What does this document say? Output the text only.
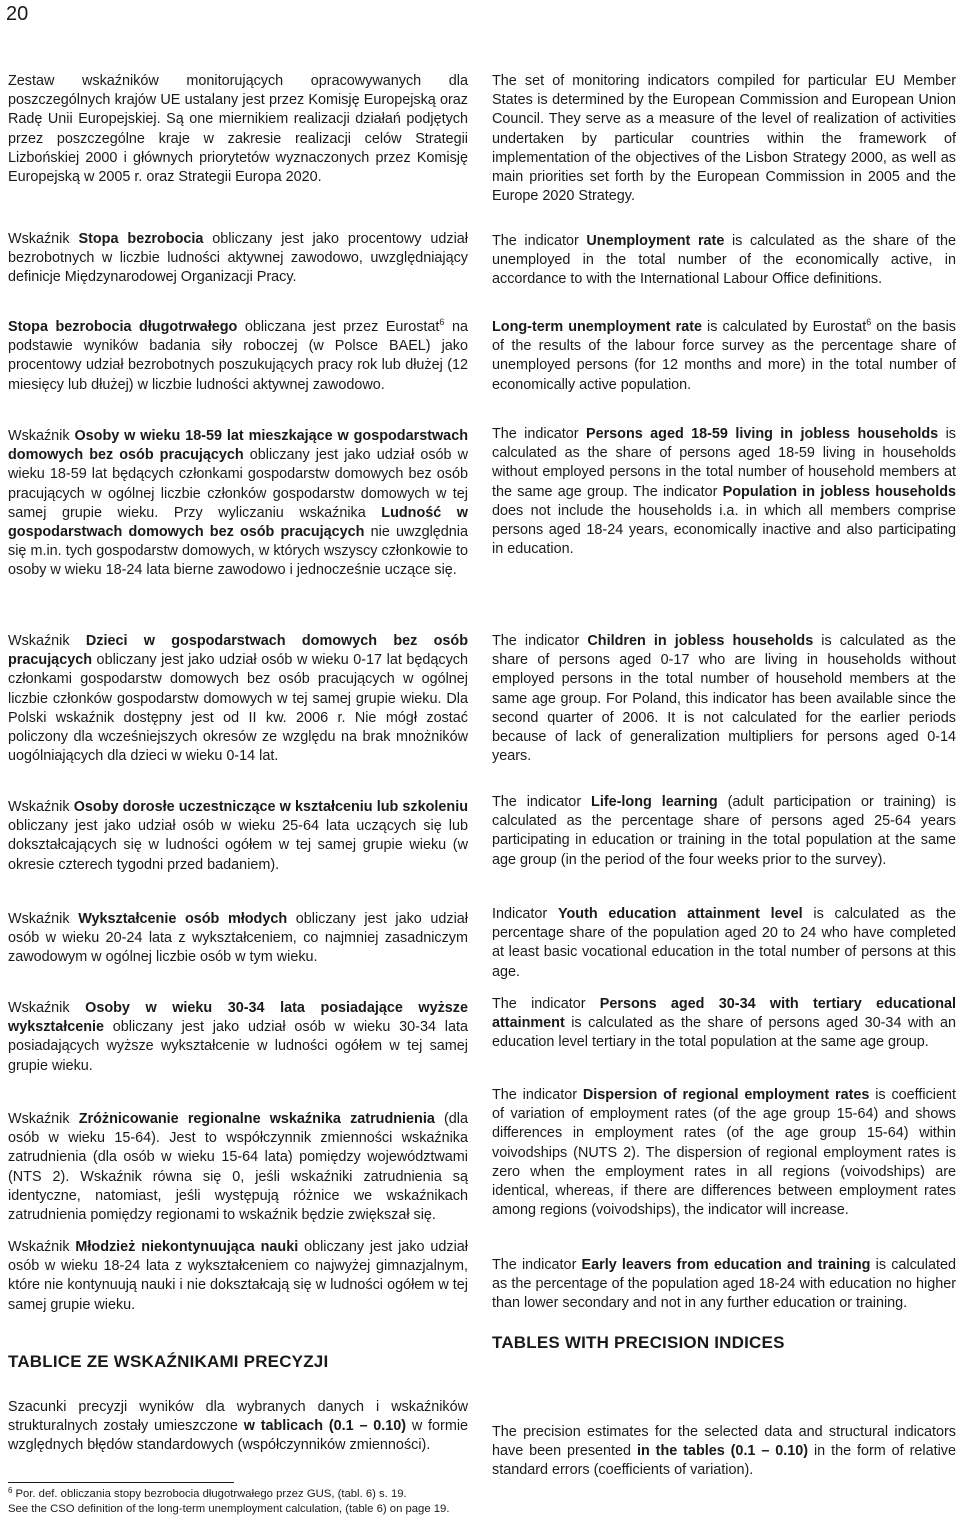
20

Zestaw wskaźników monitorujących opracowywanych dla poszczególnych krajów UE ustalany jest przez Komisję Europejską oraz Radę Unii Europejskiej. Są one miernikiem realizacji działań podjętych przez poszczególne kraje w zakresie realizacji celów Strategii Lizbońskiej 2000 i głównych priorytetów wyznaczonych przez Komisję Europejską w 2005 r. oraz Strategii Europa 2020.

Wskaźnik Stopa bezrobocia obliczany jest jako procentowy udział bezrobotnych w liczbie ludności aktywnej zawodowo, uwzględniający definicje Międzynarodowej Organizacji Pracy.

Stopa bezrobocia długotrwałego obliczana jest przez Eurostat$^6$ na podstawie wyników badania siły roboczej (w Polsce BAEL) jako procentowy udział bezrobotnych poszukujących pracy rok lub dłużej (12 miesięcy lub dłużej) w liczbie ludności aktywnej zawodowo.

Wskaźnik Osoby w wieku 18-59 lat mieszkające w gospodarstwach domowych bez osób pracujących obliczany jest jako udział osób w wieku 18-59 lat będących członkami gospodarstw domowych bez osób pracujących w ogólnej liczbie członków gospodarstw domowych w tej samej grupie wieku. Przy wyliczaniu wskaźnika Ludność w gospodarstwach domowych bez osób pracujących nie uwzględnia się m.in. tych gospodarstw domowych, w których wszyscy członkowie to osoby w wieku 18-24 lata bierne zawodowo i jednocześnie uczące się.

Wskaźnik Dzieci w gospodarstwach domowych bez osób pracujących obliczany jest jako udział osób w wieku 0-17 lat będących członkami gospodarstw domowych bez osób pracujących w ogólnej liczbie członków gospodarstw domowych w tej samej grupie wieku. Dla Polski wskaźnik dostępny jest od II kw. 2006 r. Nie mógł zostać policzony dla wcześniejszych okresów ze względu na brak mnożników uogólniających dla dzieci w wieku 0-14 lat.

Wskaźnik Osoby dorosłe uczestniczące w kształceniu lub szkoleniu obliczany jest jako udział osób w wieku 25-64 lata uczących się lub dokształcających się w ludności ogółem w tej samej grupie wieku (w okresie czterech tygodni przed badaniem).

Wskaźnik Wykształcenie osób młodych obliczany jest jako udział osób w wieku 20-24 lata z wykształceniem, co najmniej zasadniczym zawodowym w ogólnej liczbie osób w tym wieku.

Wskaźnik Osoby w wieku 30-34 lata posiadające wyższe wykształcenie obliczany jest jako udział osób w wieku 30-34 lata posiadających wyższe wykształcenie w ludności ogółem w tej samej grupie wieku.

Wskaźnik Zróżnicowanie regionalne wskaźnika zatrudnienia (dla osób w wieku 15-64). Jest to współczynnik zmienności wskaźnika zatrudnienia (dla osób w wieku 15-64 lata) pomiędzy województwami (NTS 2). Wskaźnik równa się 0, jeśli wskaźniki zatrudnienia są identyczne, natomiast, jeśli występują różnice we wskaźnikach zatrudnienia pomiędzy regionami to wskaźnik będzie zwiększał się.

Wskaźnik Młodzież niekontynuująca nauki obliczany jest jako udział osób w wieku 18-24 lata z wykształceniem co najwyżej gimnazjalnym, które nie kontynuują nauki i nie dokształcają się w ludności ogółem w tej samej grupie wieku.

TABLICE ZE WSKAŹNIKAMI PRECYZJI

Szacunki precyzji wyników dla wybranych danych i wskaźników strukturalnych zostały umieszczone w tablicach (0.1 – 0.10) w formie względnych błędów standardowych (współczynników zmienności).

The set of monitoring indicators compiled for particular EU Member States is determined by the European Commission and European Union Council. They serve as a measure of the level of realization of activities undertaken by particular countries within the framework of implementation of the objectives of the Lisbon Strategy 2000, as well as main priorities set forth by the European Commission in 2005 and the Europe 2020 Strategy.

The indicator Unemployment rate is calculated as the share of the unemployed in the total number of the economically active, in accordance to with the International Labour Office definitions.

Long-term unemployment rate is calculated by Eurostat$^6$ on the basis of the results of the labour force survey as the percentage share of unemployed persons (for 12 months and more) in the total number of economically active population.

The indicator Persons aged 18-59 living in jobless households is calculated as the share of persons aged 18-59 living in households without employed persons in the total number of household members at the same age group. The indicator Population in jobless households does not include the households i.a. in which all members comprise persons aged 18-24 years, economically inactive and also participating in education.

The indicator Children in jobless households is calculated as the share of persons aged 0-17 who are living in households without employed persons in the total number of household members at the same age group. For Poland, this indicator has been available since the second quarter of 2006. It is not calculated for the earlier periods because of lack of generalization multipliers for persons aged 0-14 years.

The indicator Life-long learning (adult participation or training) is calculated as the percentage share of persons aged 25-64 years participating in education or training in the total population at the same age group (in the period of the four weeks prior to the survey).

Indicator Youth education attainment level is calculated as the percentage share of the population aged 20 to 24 who have completed at least basic vocational education in the total number of persons at this age.

The indicator Persons aged 30-34 with tertiary educational attainment is calculated as the share of persons aged 30-34 with an education level tertiary in the total population at the same age group.

The indicator Dispersion of regional employment rates is coefficient of variation of employment rates (of the age group 15-64) and shows differences in employment rates (of the age group 15-64) within voivodships (NUTS 2). The dispersion of regional employment rates is zero when the employment rates in all regions (voivodships) are identical, whereas, if there are differences between employment rates among regions (voivodships), the indicator will increase.

The indicator Early leavers from education and training is calculated as the percentage of the population aged 18-24 with education no higher than lower secondary and not in any further education or training.

TABLES WITH PRECISION INDICES

The precision estimates for the selected data and structural indicators have been presented in the tables (0.1 – 0.10) in the form of relative standard errors (coefficients of variation).

$^6$ Por. def. obliczania stopy bezrobocia długotrwałego przez GUS, (tabl. 6) s. 19.
See the CSO definition of the long-term unemployment calculation, (table 6) on page 19.
